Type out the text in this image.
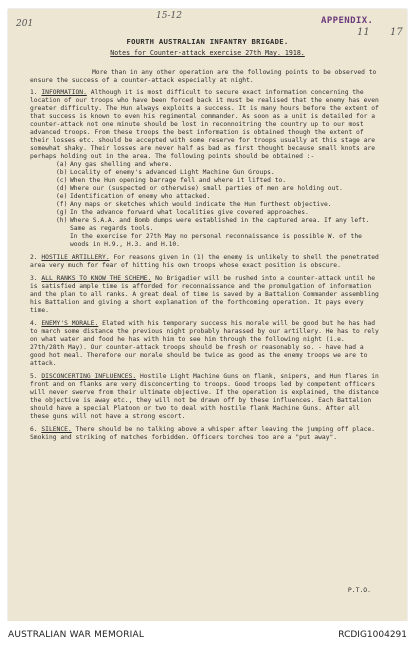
201
15-12	APPENDIX.
11 17
FOURTH AUSTRALIAN INFANTRY BRIGADE.
Notes for Counter-attack exercise 27th May. 1918.

More than in any other operation are the following points to be observed to ensure the success of a counter-attack especially at night.

1. INFORMATION. Although it is most difficult to secure exact information concerning the location of our troops who have been forced back it must be realised that the enemy has even greater difficulty. The Hun always exploits a success. It is many hours before the extent of that success is known to even his regimental commander. As soon as a unit is detailed for a counter-attack not one minute should be lost in reconnoitring the country up to our most advanced troops. From these troops the best information is obtained though the extent of their losses etc. should be accepted with some reserve for troops usually at this stage are somewhat shaky. Their losses are never half as bad as first thought because small knots are perhaps holding out in the area. The following points should be obtained :-
(a) Any gas shelling and where.
(b) Locality of enemy's advanced Light Machine Gun Groups.
(c) When the Hun opening barrage fell and where it lifted to.
(d) Where our (suspected or otherwise) small parties of men are holding out.
(e) Identification of enemy who attacked.
(f) Any maps or sketches which would indicate the Hun furthest objective.
(g) In the advance forward what localities give covered approaches.
(h) Where S.A.A. and Bomb dumps were established in the captured area. If any left. Same as regards tools.

In the exercise for 27th May no personal reconnaissance is possible W. of the woods in H.9., H.3. and H.10.

2. HOSTILE ARTILLERY. For reasons given in (1) the enemy is unlikely to shell the penetrated area very much for fear of hitting his own troops whose exact position is obscure.
3. ALL RANKS TO KNOW THE SCHEME. No Brigadier will be rushed into a counter-attack until he is satisfied ample time is afforded for reconnaissance and the promulgation of information and the plan to all ranks. A great deal of time is saved by a Battalion Commander assembling his Battalion and giving a short explanation of the forthcoming operation. It pays every time.
4. ENEMY'S MORALE. Elated with his temporary success his morale will be good but he has had to march some distance the previous night probably harassed by our artillery. He has to rely on what water and food he has with him to see him through the following night (i.e. 27th/28th May). Our counter-attack troops should be fresh or reasonably so. - have had a good hot meal. Therefore our morale should be twice as good as the enemy troops we are to attack.
5. DISCONCERTING INFLUENCES. Hostile Light Machine Guns on flank, snipers, and Hun flares in front and on flanks are very disconcerting to troops. Good troops led by competent officers will never swerve from their ultimate objective. If the operation is explained, the distance the objective is away etc., they will not be drawn off by these influences. Each Battalion should have a special Platoon or two to deal with hostile flank Machine Guns. After all these guns will not have a strong escort.
6. SILENCE. There should be no talking above a whisper after leaving the jumping off place. Smoking and striking of matches forbidden. Officers torches too are a "put away".
P.T.O.
AUSTRALIAN WAR MEMORIAL	RCDIG1004291
